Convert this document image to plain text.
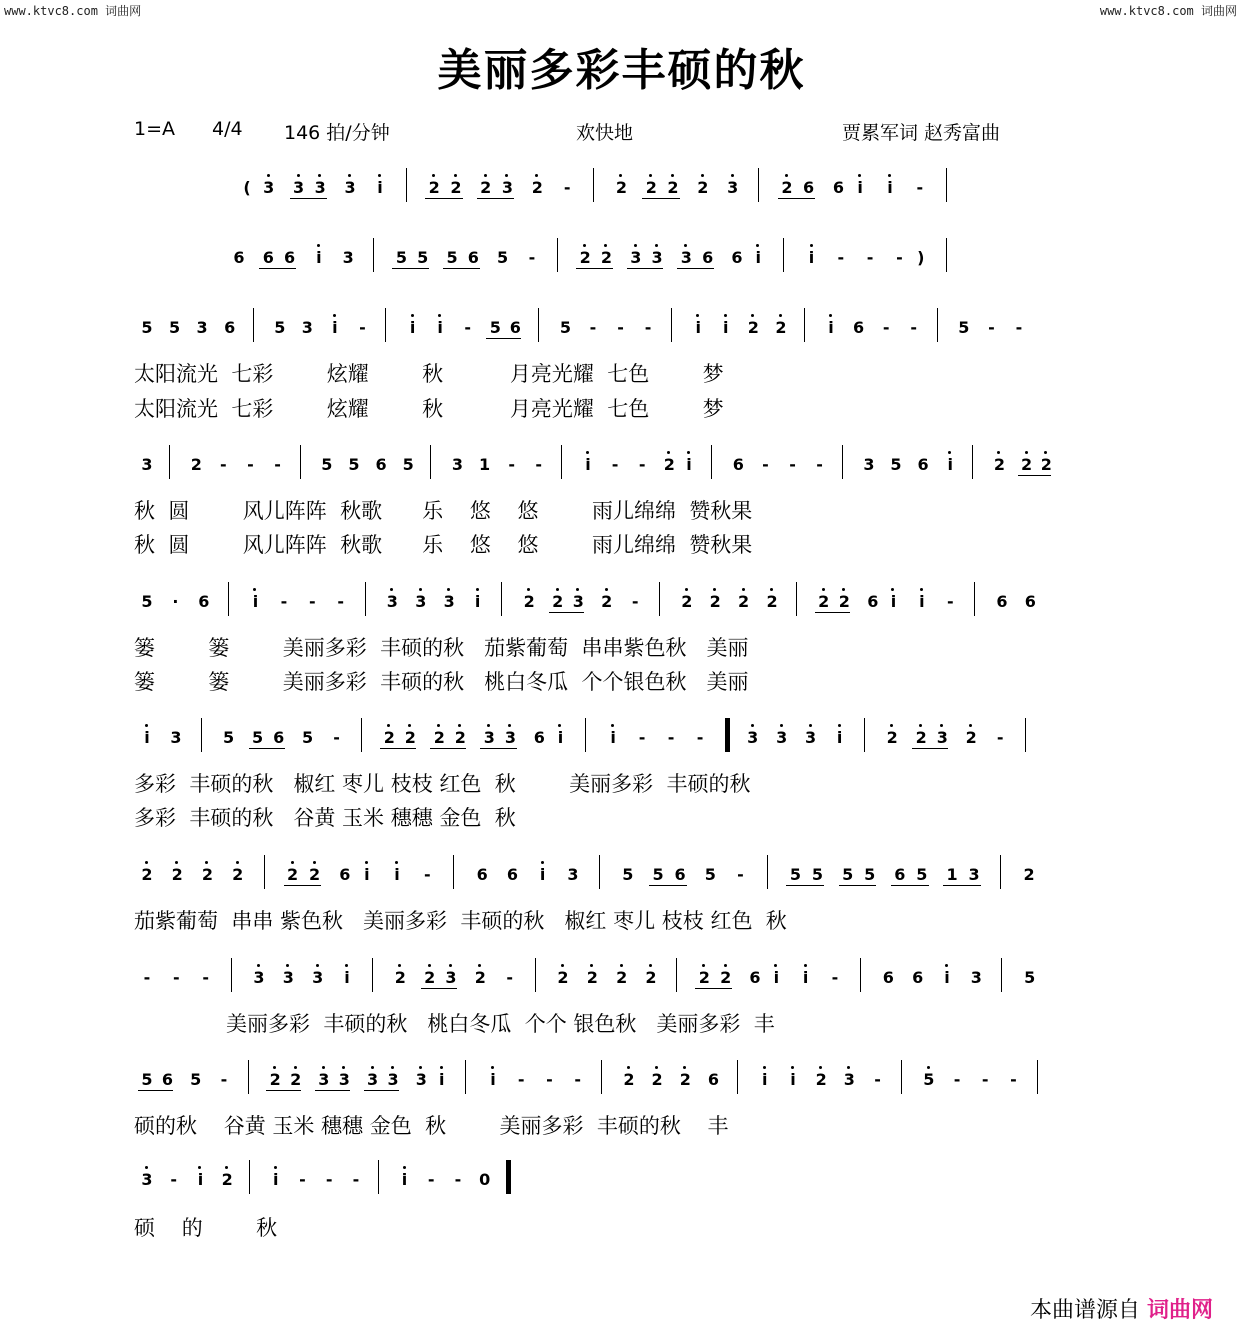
www.ktvc8.com 词曲网	www.ktvc8.com 词曲网
美丽多彩丰硕的秋
1=A 4/4 146 拍/分钟	欢快地	贾累军词 赵秀富曲
( 3	3 3	3	i	2 2	2 3	2	-	2	2 2	2	3	2 6	6 i	i	-
6	6 6	i	3	5 5	5 6	5	-	2 2	3 3	3 6	6 i	i	-	-	- )
5	5	3	6	5	3	i	-	i	i	-	5 6	5	-	-	-	i	i	2	2	i	6	-	-	5	-	-
3	2	-	-	-	5 5 6 5	3 1	-	-	i	-	-	2 i	6	-	-	-	3 5 6	i	2 2 2
5	·	6	i	-	-	-	3	3	3	i	2	2 3	2	-	2	2	2	2	2 2	6 i	i	-	6	6
i	3	5	5 6	5	-	2 2	2 2	3 3	6 i	i	-	-	-	3	3	3	i	2	2 3	2	-
2	2	2	2	2 2	6 i	i	-	6	6	i	3	5	5 6	5	-	5 5	5 5	6 5	1 3	2
-	-	-	3	3	3	i	2	2 3	2	-	2	2	2	2	2 2	6 i	i	-	6	6	i	3	5
5 6	5	-	2 2	3 3	3 3	3 i	i	-	-	-	2	2	2	6	i	i	2	3	-	5	-	-	-
3	-	i	2	i	-	-	-	i	-	-	0
太阳流光  七彩        炫耀        秋          月亮光耀  七色        梦
太阳流光  七彩        炫耀        秋          月亮光耀  七色        梦
秋  圆        风儿阵阵  秋歌      乐    悠    悠        雨儿绵绵  赞秋果
秋  圆        风儿阵阵  秋歌      乐    悠    悠        雨儿绵绵  赞秋果
篓        篓        美丽多彩  丰硕的秋   茄紫葡萄  串串紫色秋   美丽
篓        篓        美丽多彩  丰硕的秋   桃白冬瓜  个个银色秋   美丽
多彩  丰硕的秋   椒红 枣儿 枝枝 红色  秋        美丽多彩  丰硕的秋
多彩  丰硕的秋   谷黄 玉米 穗穗 金色  秋
茄紫葡萄  串串 紫色秋   美丽多彩  丰硕的秋   椒红 枣儿 枝枝 红色  秋
美丽多彩  丰硕的秋   桃白冬瓜  个个 银色秋   美丽多彩  丰
硕的秋    谷黄 玉米 穗穗 金色  秋        美丽多彩  丰硕的秋    丰
硕    的        秋
本曲谱源自 词曲网
